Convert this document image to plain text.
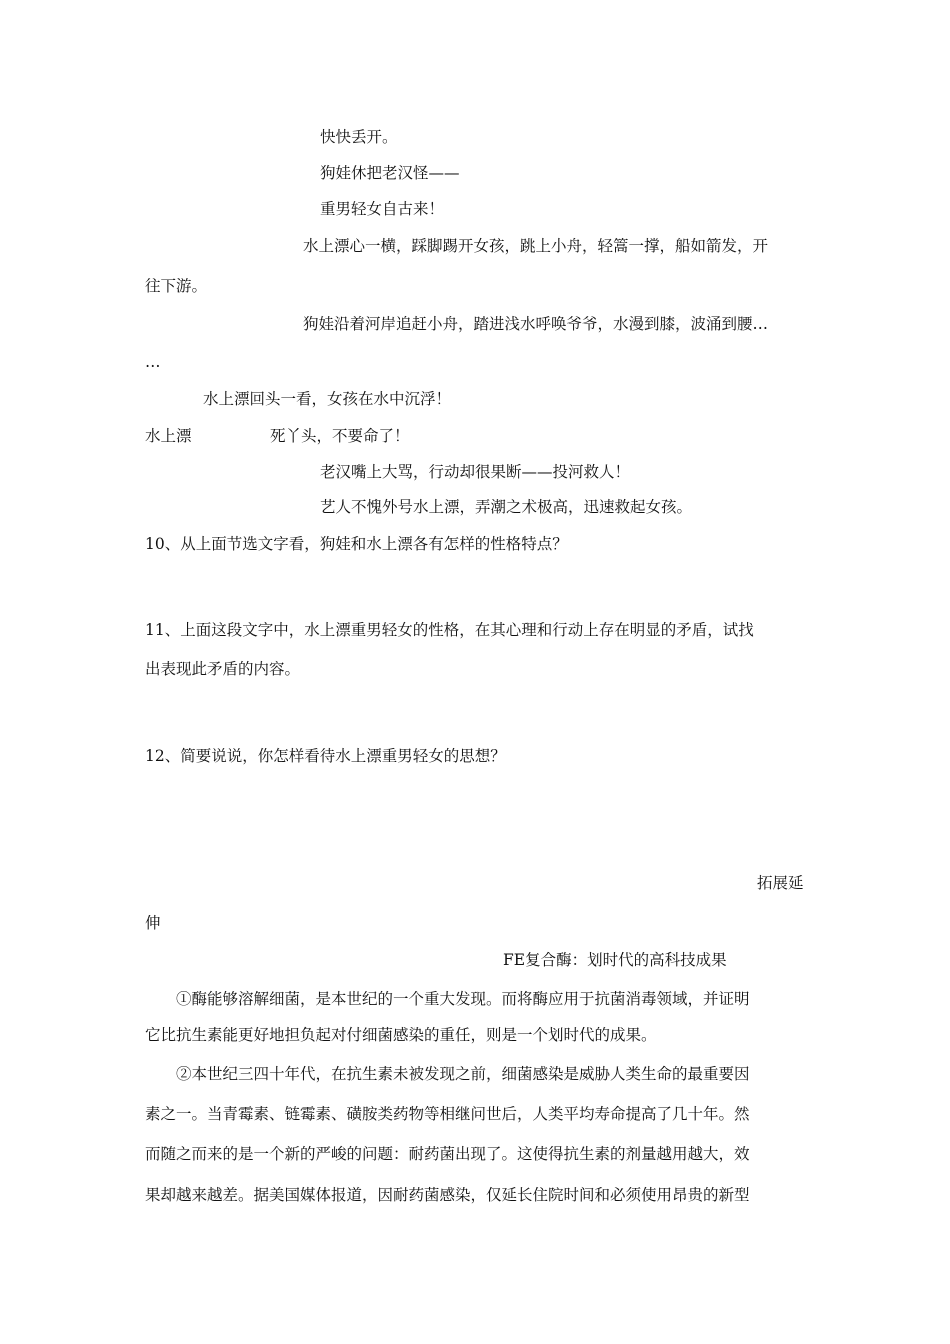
快快丢开。

狗娃休把老汉怪——

重男轻女自古来！

水上漂心一横，踩脚踢开女孩，跳上小舟，轻篙一撑，船如箭发，开

往下游。

狗娃沿着河岸追赶小舟，踏进浅水呼唤爷爷，水漫到膝，波涌到腰…

…

水上漂回头一看，女孩在水中沉浮！

水上漂	死丫头，不要命了！

老汉嘴上大骂，行动却很果断——投河救人！

艺人不愧外号水上漂，弄潮之术极高，迅速救起女孩。

10、从上面节选文字看，狗娃和水上漂各有怎样的性格特点？

11、上面这段文字中，水上漂重男轻女的性格，在其心理和行动上存在明显的矛盾，试找

出表现此矛盾的内容。

12、简要说说，你怎样看待水上漂重男轻女的思想？

拓展延

伸

FE复合酶：划时代的高科技成果

①酶能够溶解细菌，是本世纪的一个重大发现。而将酶应用于抗菌消毒领域，并证明

它比抗生素能更好地担负起对付细菌感染的重任，则是一个划时代的成果。

②本世纪三四十年代，在抗生素未被发现之前，细菌感染是威胁人类生命的最重要因

素之一。当青霉素、链霉素、磺胺类药物等相继问世后，人类平均寿命提高了几十年。然

而随之而来的是一个新的严峻的问题：耐药菌出现了。这使得抗生素的剂量越用越大，效

果却越来越差。据美国媒体报道，因耐药菌感染，仅延长住院时间和必须使用昂贵的新型
